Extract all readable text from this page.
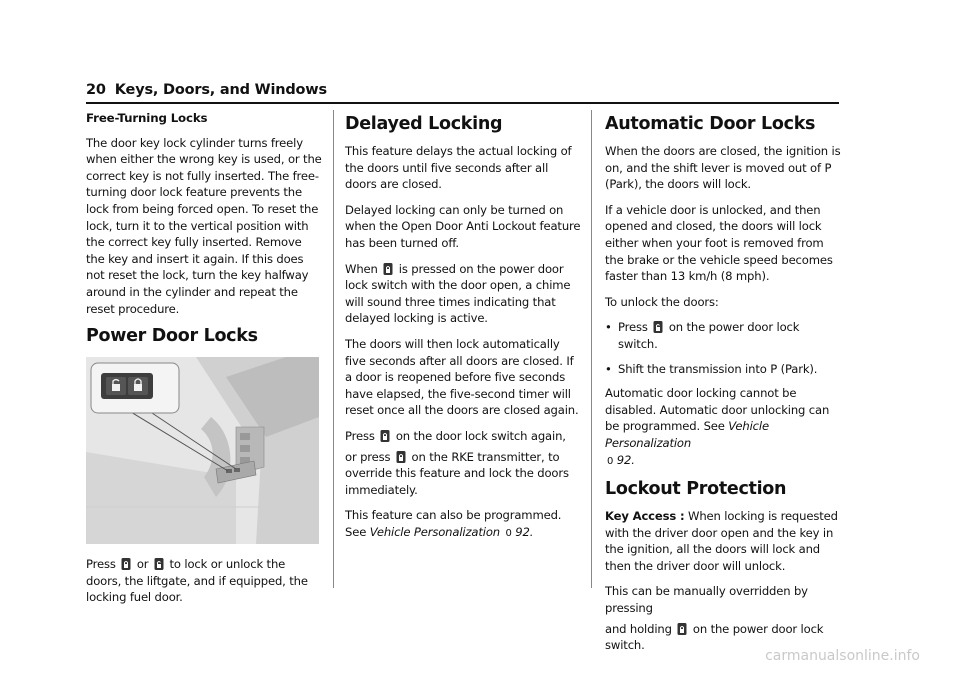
20 Keys, Doors, and Windows
Free-Turning Locks

The door key lock cylinder turns freely when either the wrong key is used, or the correct key is not fully inserted. The free-turning door lock feature prevents the lock from being forced open. To reset the lock, turn it to the vertical position with the correct key fully inserted. Remove the key and insert it again. If this does not reset the lock, turn the key halfway around in the cylinder and repeat the reset procedure.

Power Door Locks

Press or to lock or unlock the doors, the liftgate, and if equipped, the locking fuel door.

Delayed Locking

This feature delays the actual locking of the doors until five seconds after all doors are closed.

Delayed locking can only be turned on when the Open Door Anti Lockout feature has been turned off.

When is pressed on the power door lock switch with the door open, a chime will sound three times indicating that delayed locking is active.

The doors will then lock automatically five seconds after all doors are closed. If a door is reopened before five seconds have elapsed, the five-second timer will reset once all the doors are closed again.

Press on the door lock switch again,

or press on the RKE transmitter, to override this feature and lock the doors immediately.

This feature can also be programmed. See Vehicle Personalization 0 92.

Automatic Door Locks

When the doors are closed, the ignition is on, and the shift lever is moved out of P (Park), the doors will lock.

If a vehicle door is unlocked, and then opened and closed, the doors will lock either when your foot is removed from the brake or the vehicle speed becomes faster than 13 km/h (8 mph).

To unlock the doors:

• Press on the power door lock switch.
• Shift the transmission into P (Park).

Automatic door locking cannot be disabled. Automatic door unlocking can be programmed. See Vehicle Personalization
0 92.

Lockout Protection

Key Access : When locking is requested with the driver door open and the key in the ignition, all the doors will lock and then the driver door will unlock.

This can be manually overridden by pressing

and holding on the power door lock switch.

carmanualsonline.info
